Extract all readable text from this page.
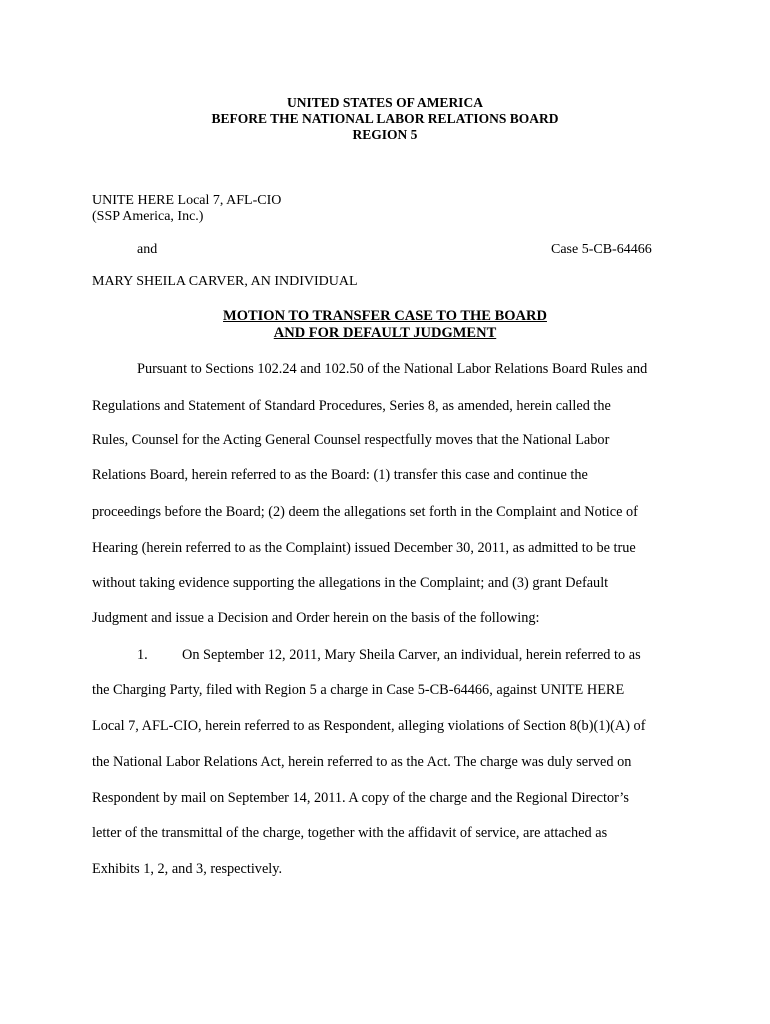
UNITED STATES OF AMERICA
BEFORE THE NATIONAL LABOR RELATIONS BOARD
REGION 5
UNITE HERE Local 7, AFL-CIO
(SSP America, Inc.)
and	Case 5-CB-64466
MARY SHEILA CARVER, AN INDIVIDUAL
MOTION TO TRANSFER CASE TO THE BOARD
AND FOR DEFAULT JUDGMENT
Pursuant to Sections 102.24 and 102.50 of the National Labor Relations Board Rules and
Regulations and Statement of Standard Procedures, Series 8, as amended, herein called the
Rules, Counsel for the Acting General Counsel respectfully moves that the National Labor
Relations Board, herein referred to as the Board: (1) transfer this case and continue the
proceedings before the Board; (2) deem the allegations set forth in the Complaint and Notice of
Hearing (herein referred to as the Complaint) issued December 30, 2011, as admitted to be true
without taking evidence supporting the allegations in the Complaint; and (3) grant Default
Judgment and issue a Decision and Order herein on the basis of the following:
1. On September 12, 2011, Mary Sheila Carver, an individual, herein referred to as
the Charging Party, filed with Region 5 a charge in Case 5-CB-64466, against UNITE HERE
Local 7, AFL-CIO, herein referred to as Respondent, alleging violations of Section 8(b)(1)(A) of
the National Labor Relations Act, herein referred to as the Act. The charge was duly served on
Respondent by mail on September 14, 2011. A copy of the charge and the Regional Director’s
letter of the transmittal of the charge, together with the affidavit of service, are attached as
Exhibits 1, 2, and 3, respectively.
